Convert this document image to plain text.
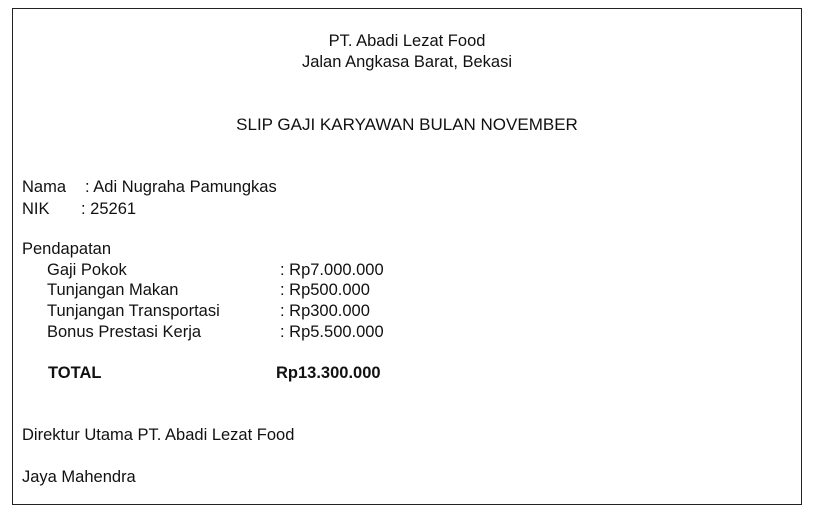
PT. Abadi Lezat Food
Jalan Angkasa Barat, Bekasi
SLIP GAJI KARYAWAN BULAN NOVEMBER
Nama : Adi Nugraha Pamungkas
NIK : 25261
Pendapatan
Gaji Pokok	: Rp7.000.000
Tunjangan Makan	: Rp500.000
Tunjangan Transportasi	: Rp300.000
Bonus Prestasi Kerja	: Rp5.500.000
TOTAL	Rp13.300.000
Direktur Utama PT. Abadi Lezat Food
Jaya Mahendra
